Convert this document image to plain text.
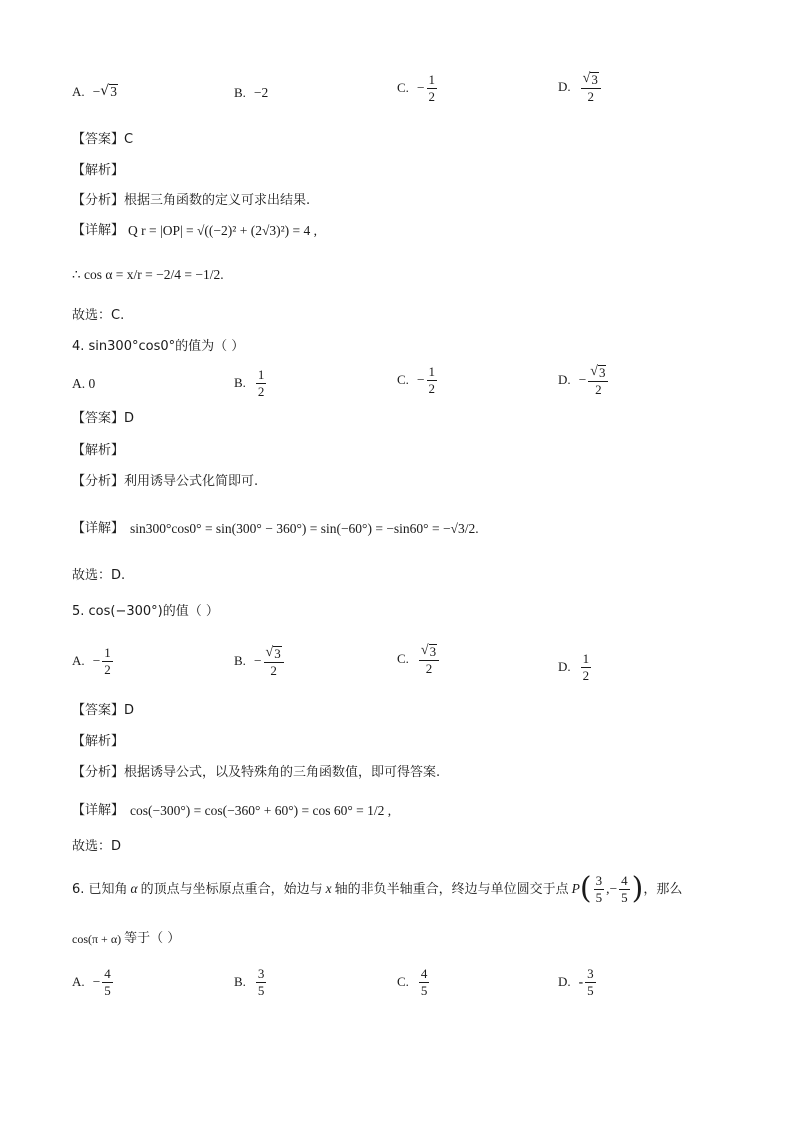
A. − √ 3	B. −2	C. − $\frac{1}{2}$	D. $\frac{√ 3}{2}$
【答案】C
【解析】
【分析】根据三角函数的定义可求出结果.
【详解】 Q r = |OP| = √((−2)² + (2√3)²) = 4 ,
∴ cos α = x/r = −2/4 = −1/2.
故选：C.
4. sin300°cos0°的值为（ ）
A. 0	B. $\frac{1}{2}$	C. − $\frac{1}{2}$	D. − $\frac{√ 3}{2}$
【答案】D
【解析】
【分析】利用诱导公式化简即可.
【详解】 sin300°cos0° = sin(300° − 360°) = sin(−60°) = −sin60° = −√3/2.
故选：D.
5. cos(−300°)的值（ ）
A. − $\frac{1}{2}$	B. − $\frac{√ 3}{2}$	C. $\frac{√ 3}{2}$	D. $\frac{1}{2}$
【答案】D
【解析】
【分析】根据诱导公式，以及特殊角的三角函数值，即可得答案.
【详解】 cos(−300°) = cos(−360° + 60°) = cos 60° = 1/2 ,
故选：D
6. 已知角 α 的顶点与坐标原点重合，始边与 x 轴的非负半轴重合，终边与单位圆交于点 P ( $\frac{3}{5}$ , − $\frac{4}{5}$ ) ，那么
cos(π + α) 等于（ ）
A. − $\frac{4}{5}$	B. $\frac{3}{5}$	C. $\frac{4}{5}$	D. - $\frac{3}{5}$
